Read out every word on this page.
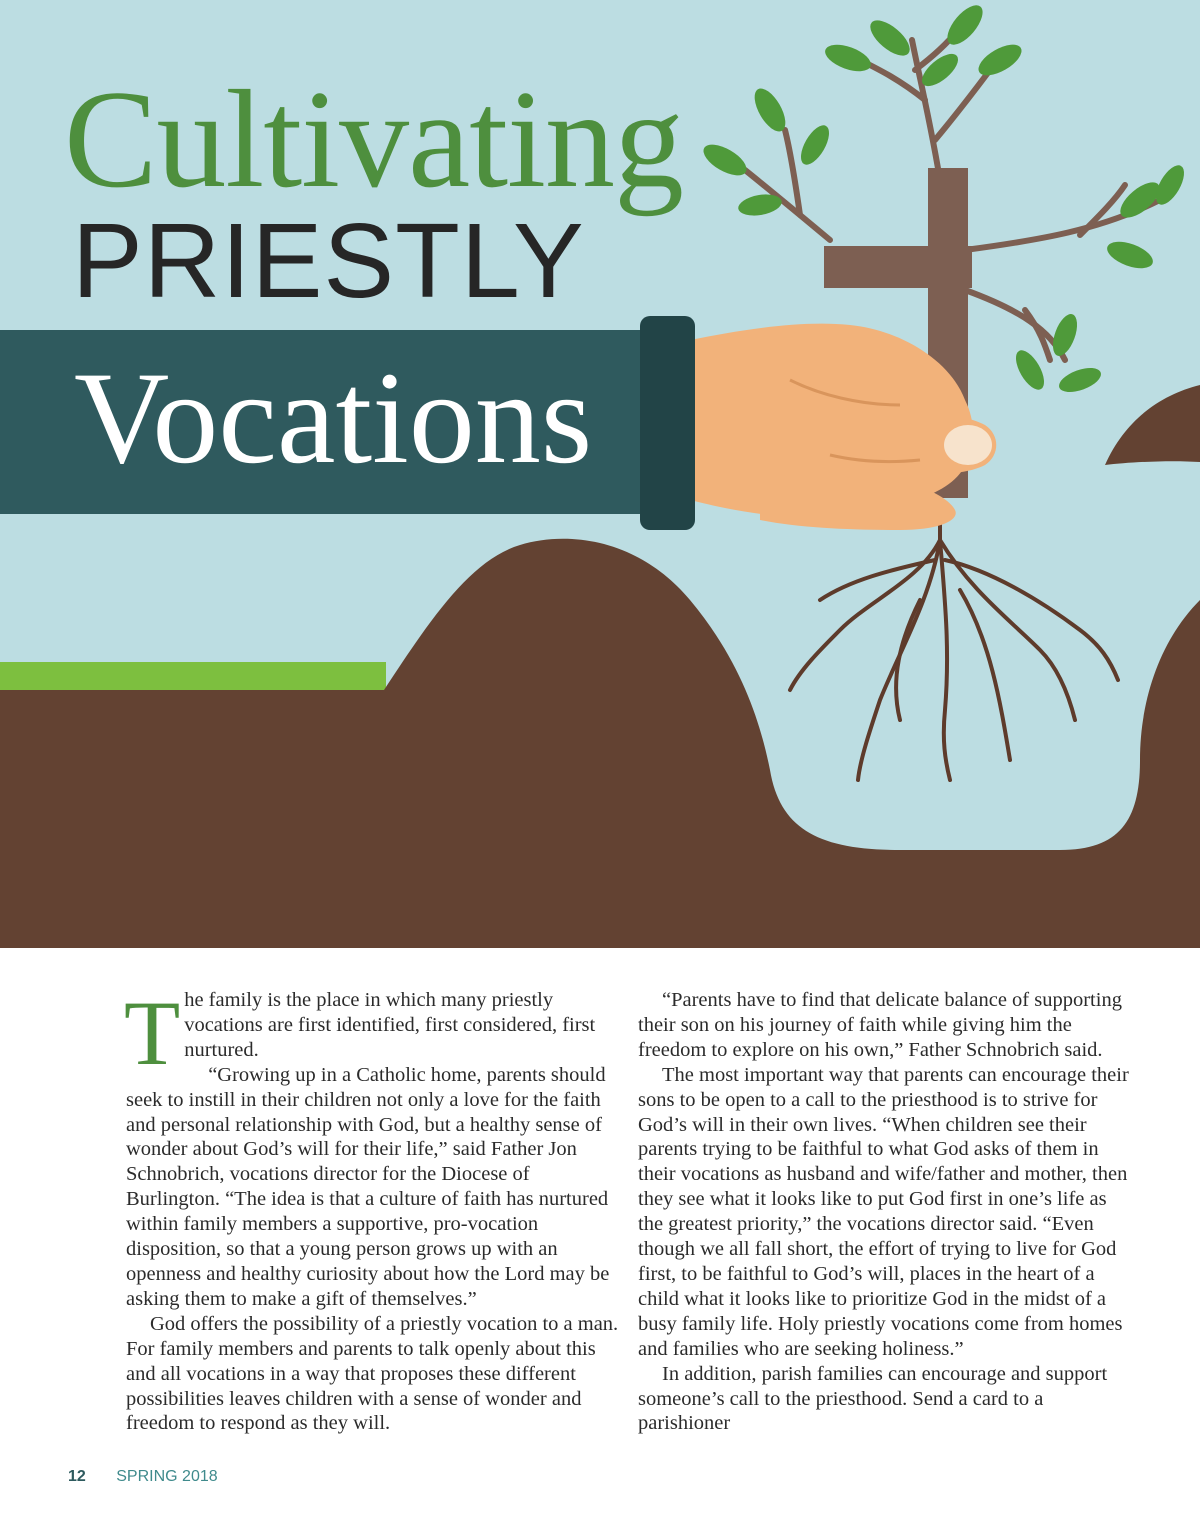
Cultivating
PRIESTLY
Vocations
T he family is the place in which many priestly vocations are first identified, first considered, first nurtured.

“Growing up in a Catholic home, parents should seek to instill in their children not only a love for the faith and personal relationship with God, but a healthy sense of wonder about God’s will for their life,” said Father Jon Schnobrich, vocations director for the Diocese of Burlington. “The idea is that a culture of faith has nurtured within family members a supportive, pro-vocation disposition, so that a young person grows up with an openness and healthy curiosity about how the Lord may be asking them to make a gift of themselves.”

God offers the possibility of a priestly vocation to a man. For family members and parents to talk openly about this and all vocations in a way that proposes these different possibilities leaves children with a sense of wonder and freedom to respond as they will.

“Parents have to find that delicate balance of supporting their son on his journey of faith while giving him the freedom to explore on his own,” Father Schnobrich said.

The most important way that parents can encourage their sons to be open to a call to the priesthood is to strive for God’s will in their own lives. “When children see their parents trying to be faithful to what God asks of them in their vocations as husband and wife/father and mother, then they see what it looks like to put God first in one’s life as the greatest priority,” the vocations director said. “Even though we all fall short, the effort of trying to live for God first, to be faithful to God’s will, places in the heart of a child what it looks like to prioritize God in the midst of a busy family life. Holy priestly vocations come from homes and families who are seeking holiness.”

In addition, parish families can encourage and support someone’s call to the priesthood. Send a card to a parishioner

12 SPRING 2018
